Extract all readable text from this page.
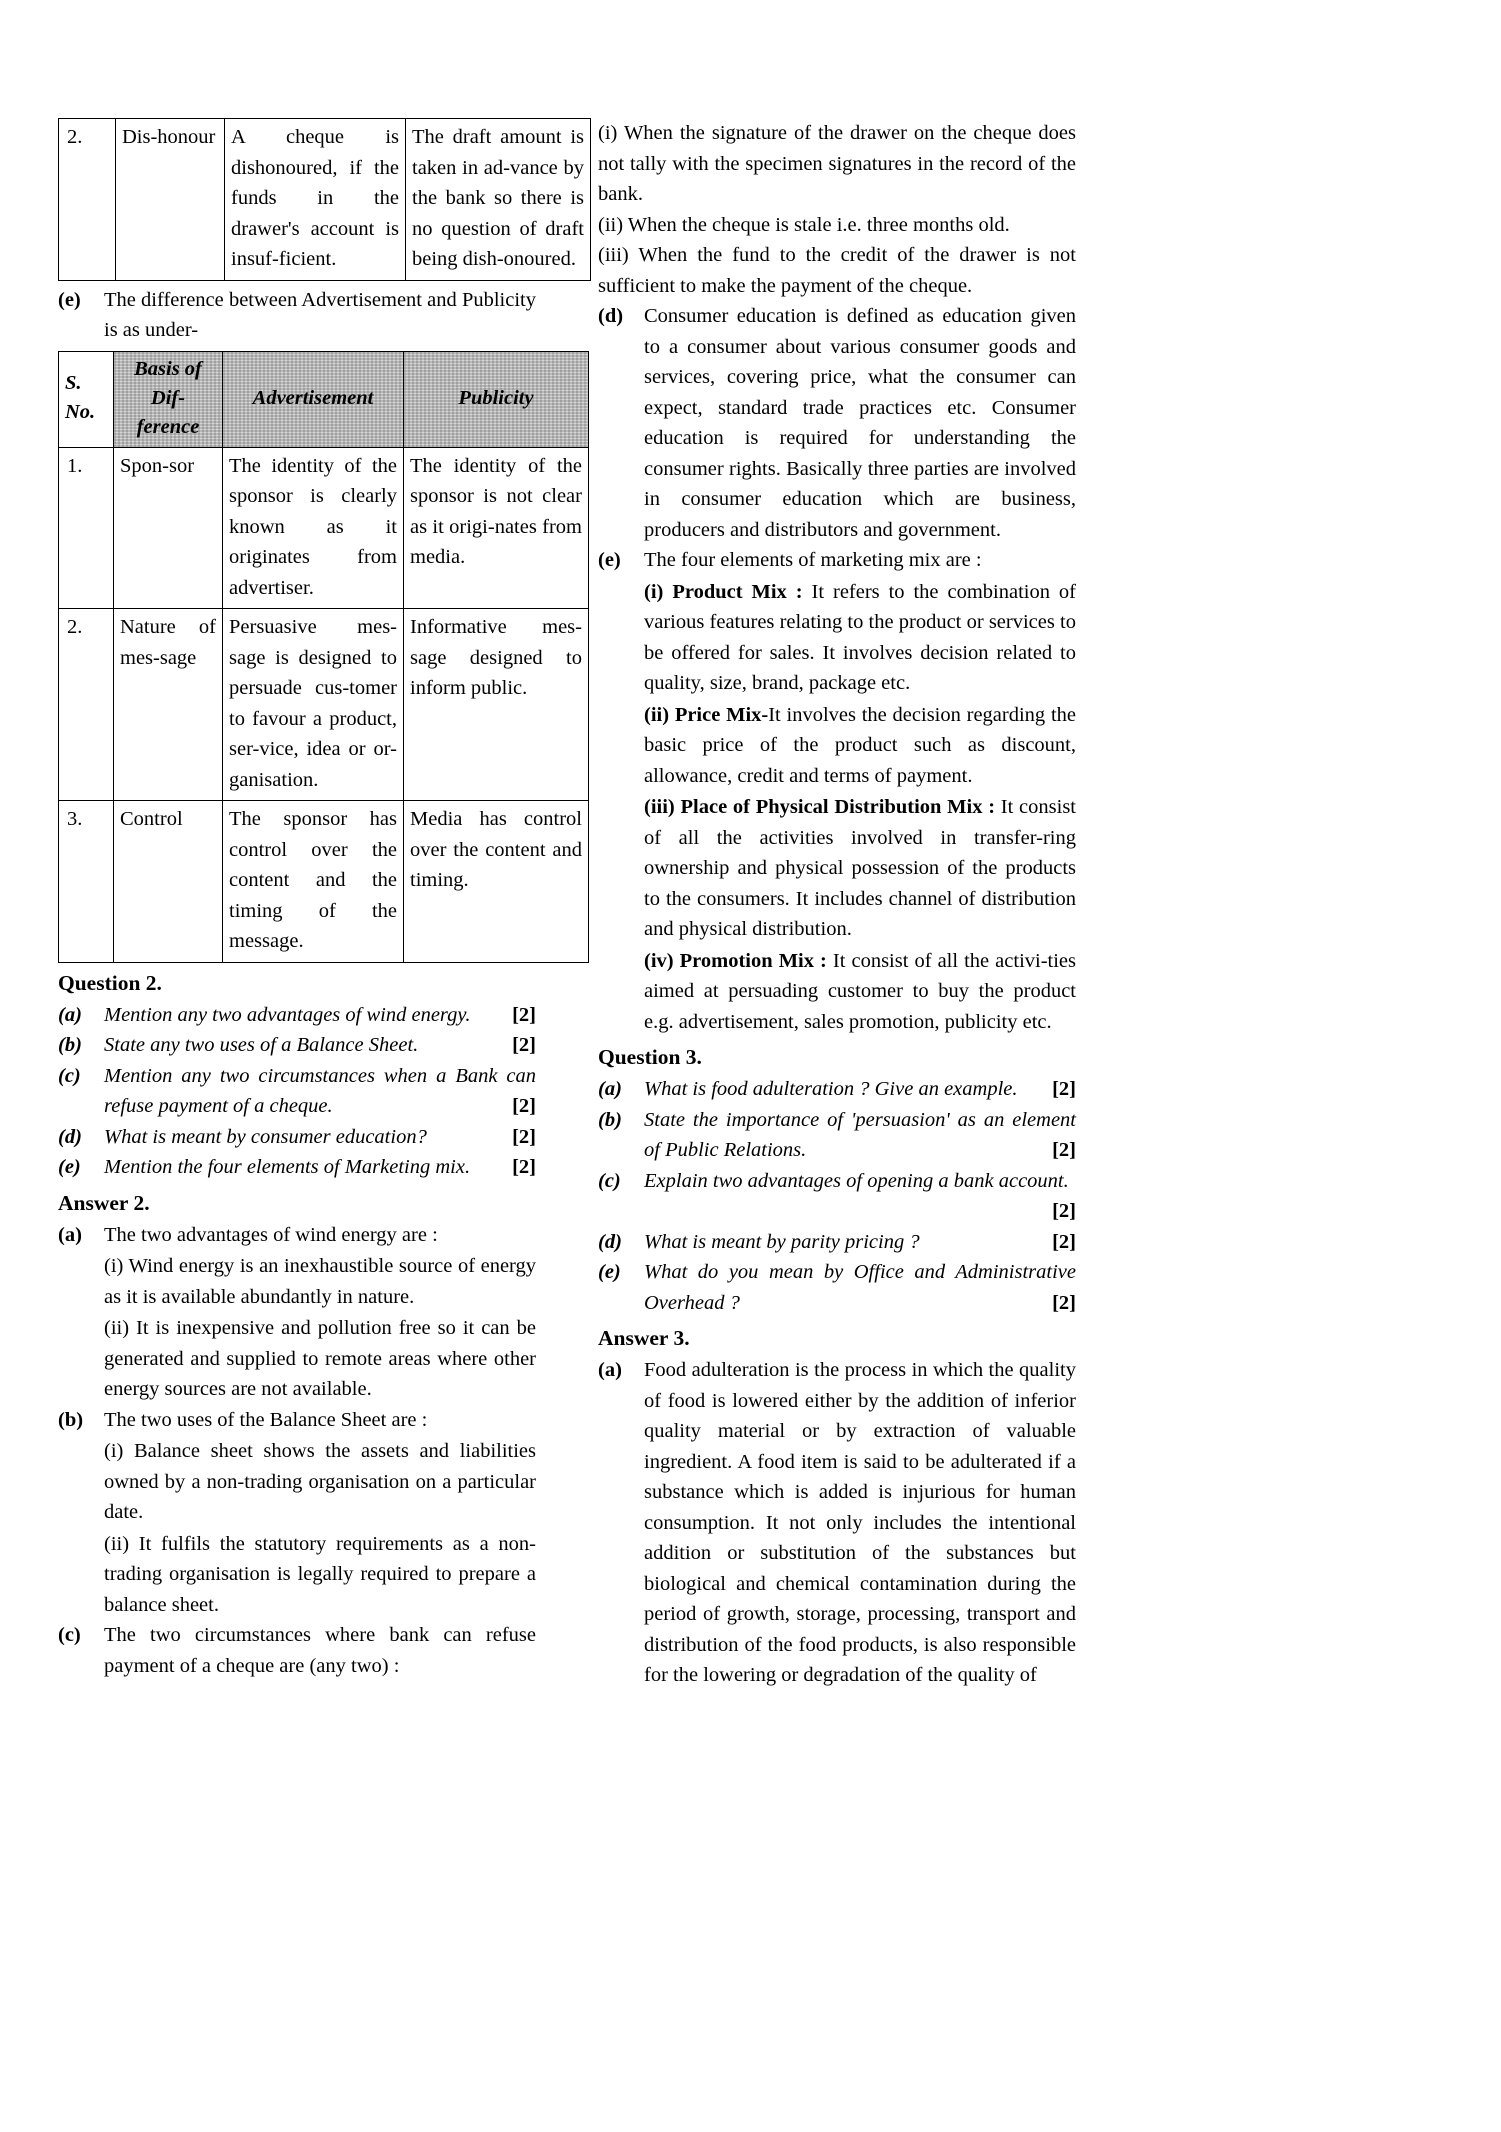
2.	Dis-honour	A cheque is dishonoured, if the funds in the drawer's account is insuf-ficient.	The draft amount is taken in ad-vance by the bank so there is no question of draft being dish-onoured.
(e)	The difference between Advertisement and Publicity is as under-
S. No.	Basis of Dif-ference	Advertisement	Publicity
1.	Spon-sor	The identity of the sponsor is clearly known as it originates from advertiser.	The identity of the sponsor is not clear as it origi-nates from media.
2.	Nature of mes-sage	Persuasive mes-sage is designed to persuade cus-tomer to favour a product, ser-vice, idea or or-ganisation.	Informative mes-sage designed to inform public.
3.	Control	The sponsor has control over the content and the timing of the message.	Media has control over the content and timing.
Question 2.
(a)	[2]
Mention any two advantages of wind energy.
(b)	[2]
State any two uses of a Balance Sheet.
(c)
[2]
Mention any two circumstances when a Bank can refuse payment of a cheque.
(d)	[2]
What is meant by consumer education?
(e)	[2]
Mention the four elements of Marketing mix.
Answer 2.
(a)	The two advantages of wind energy are :
(i) Wind energy is an inexhaustible source of energy as it is available abundantly in nature.
(ii) It is inexpensive and pollution free so it can be generated and supplied to remote areas where other energy sources are not available.
(b)	The two uses of the Balance Sheet are :
(i) Balance sheet shows the assets and liabilities owned by a non-trading organisation on a particular date.
(ii) It fulfils the statutory requirements as a non-trading organisation is legally required to prepare a balance sheet.
(c)	The two circumstances where bank can refuse payment of a cheque are (any two) :
(i) When the signature of the drawer on the cheque does not tally with the specimen signatures in the record of the bank.
(ii) When the cheque is stale i.e. three months old.
(iii) When the fund to the credit of the drawer is not sufficient to make the payment of the cheque.
(d)	Consumer education is defined as education given to a consumer about various consumer goods and services, covering price, what the consumer can expect, standard trade practices etc. Consumer education is required for understanding the consumer rights. Basically three parties are involved in consumer education which are business, producers and distributors and government.
(e)	The four elements of marketing mix are :
(i) Product Mix : It refers to the combination of various features relating to the product or services to be offered for sales. It involves decision related to quality, size, brand, package etc.
(ii) Price Mix-It involves the decision regarding the basic price of the product such as discount, allowance, credit and terms of payment.
(iii) Place of Physical Distribution Mix : It consist of all the activities involved in transfer-ring ownership and physical possession of the products to the consumers. It includes channel of distribution and physical distribution.
(iv) Promotion Mix : It consist of all the activi-ties aimed at persuading customer to buy the product e.g. advertisement, sales promotion, publicity etc.
Question 3.
(a)	[2]
What is food adulteration ? Give an example.
(b)
[2]
State the importance of 'persuasion' as an element of Public Relations.
(c)	Explain two advantages of opening a bank account.
[2]
(d)	[2]
What is meant by parity pricing ?
(e)
[2]
What do you mean by Office and Administrative Overhead ?
Answer 3.
(a)	Food adulteration is the process in which the quality of food is lowered either by the addition of inferior quality material or by extraction of valuable ingredient. A food item is said to be adulterated if a substance which is added is injurious for human consumption. It not only includes the intentional addition or substitution of the substances but biological and chemical contamination during the period of growth, storage, processing, transport and distribution of the food products, is also responsible for the lowering or degradation of the quality of
